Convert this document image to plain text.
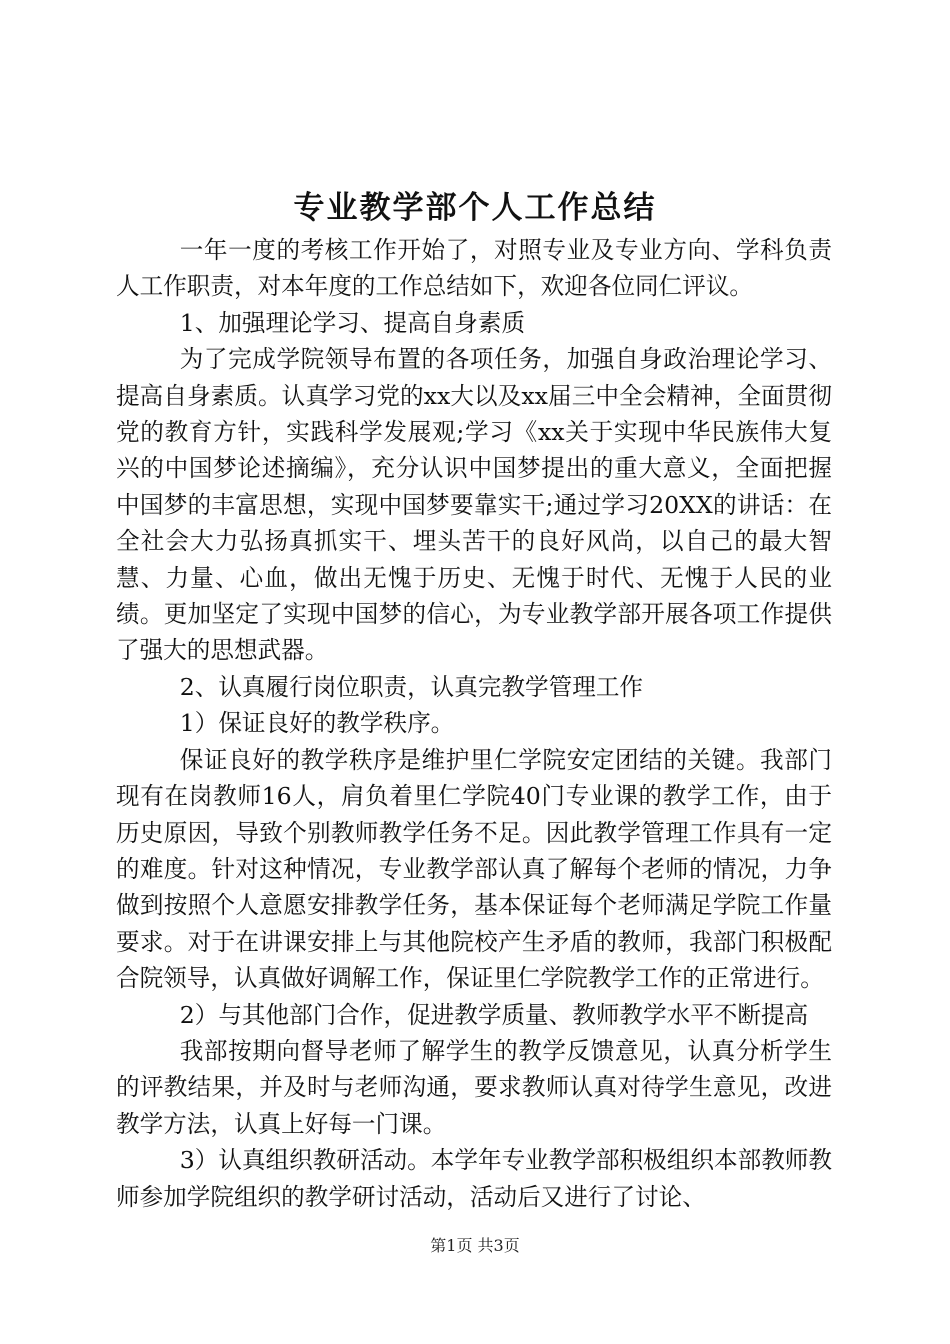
专业教学部个人工作总结

一年一度的考核工作开始了，对照专业及专业方向、学科负责人工作职责，对本年度的工作总结如下，欢迎各位同仁评议。

1、加强理论学习、提高自身素质

为了完成学院领导布置的各项任务，加强自身政治理论学习、提高自身素质。认真学习党的xx大以及xx届三中全会精神，全面贯彻党的教育方针，实践科学发展观;学习《xx关于实现中华民族伟大复兴的中国梦论述摘编》，充分认识中国梦提出的重大意义，全面把握中国梦的丰富思想，实现中国梦要靠实干;通过学习20XX的讲话：在全社会大力弘扬真抓实干、埋头苦干的良好风尚，以自己的最大智慧、力量、心血，做出无愧于历史、无愧于时代、无愧于人民的业绩。更加坚定了实现中国梦的信心，为专业教学部开展各项工作提供了强大的思想武器。

2、认真履行岗位职责，认真完教学管理工作

1）保证良好的教学秩序。

保证良好的教学秩序是维护里仁学院安定团结的关键。我部门现有在岗教师16人，肩负着里仁学院40门专业课的教学工作，由于历史原因，导致个别教师教学任务不足。因此教学管理工作具有一定的难度。针对这种情况，专业教学部认真了解每个老师的情况，力争做到按照个人意愿安排教学任务，基本保证每个老师满足学院工作量要求。对于在讲课安排上与其他院校产生矛盾的教师，我部门积极配合院领导，认真做好调解工作，保证里仁学院教学工作的正常进行。

2）与其他部门合作，促进教学质量、教师教学水平不断提高

我部按期向督导老师了解学生的教学反馈意见，认真分析学生的评教结果，并及时与老师沟通，要求教师认真对待学生意见，改进教学方法，认真上好每一门课。

3）认真组织教研活动。本学年专业教学部积极组织本部教师教师参加学院组织的教学研讨活动，活动后又进行了讨论、

第1页 共3页
